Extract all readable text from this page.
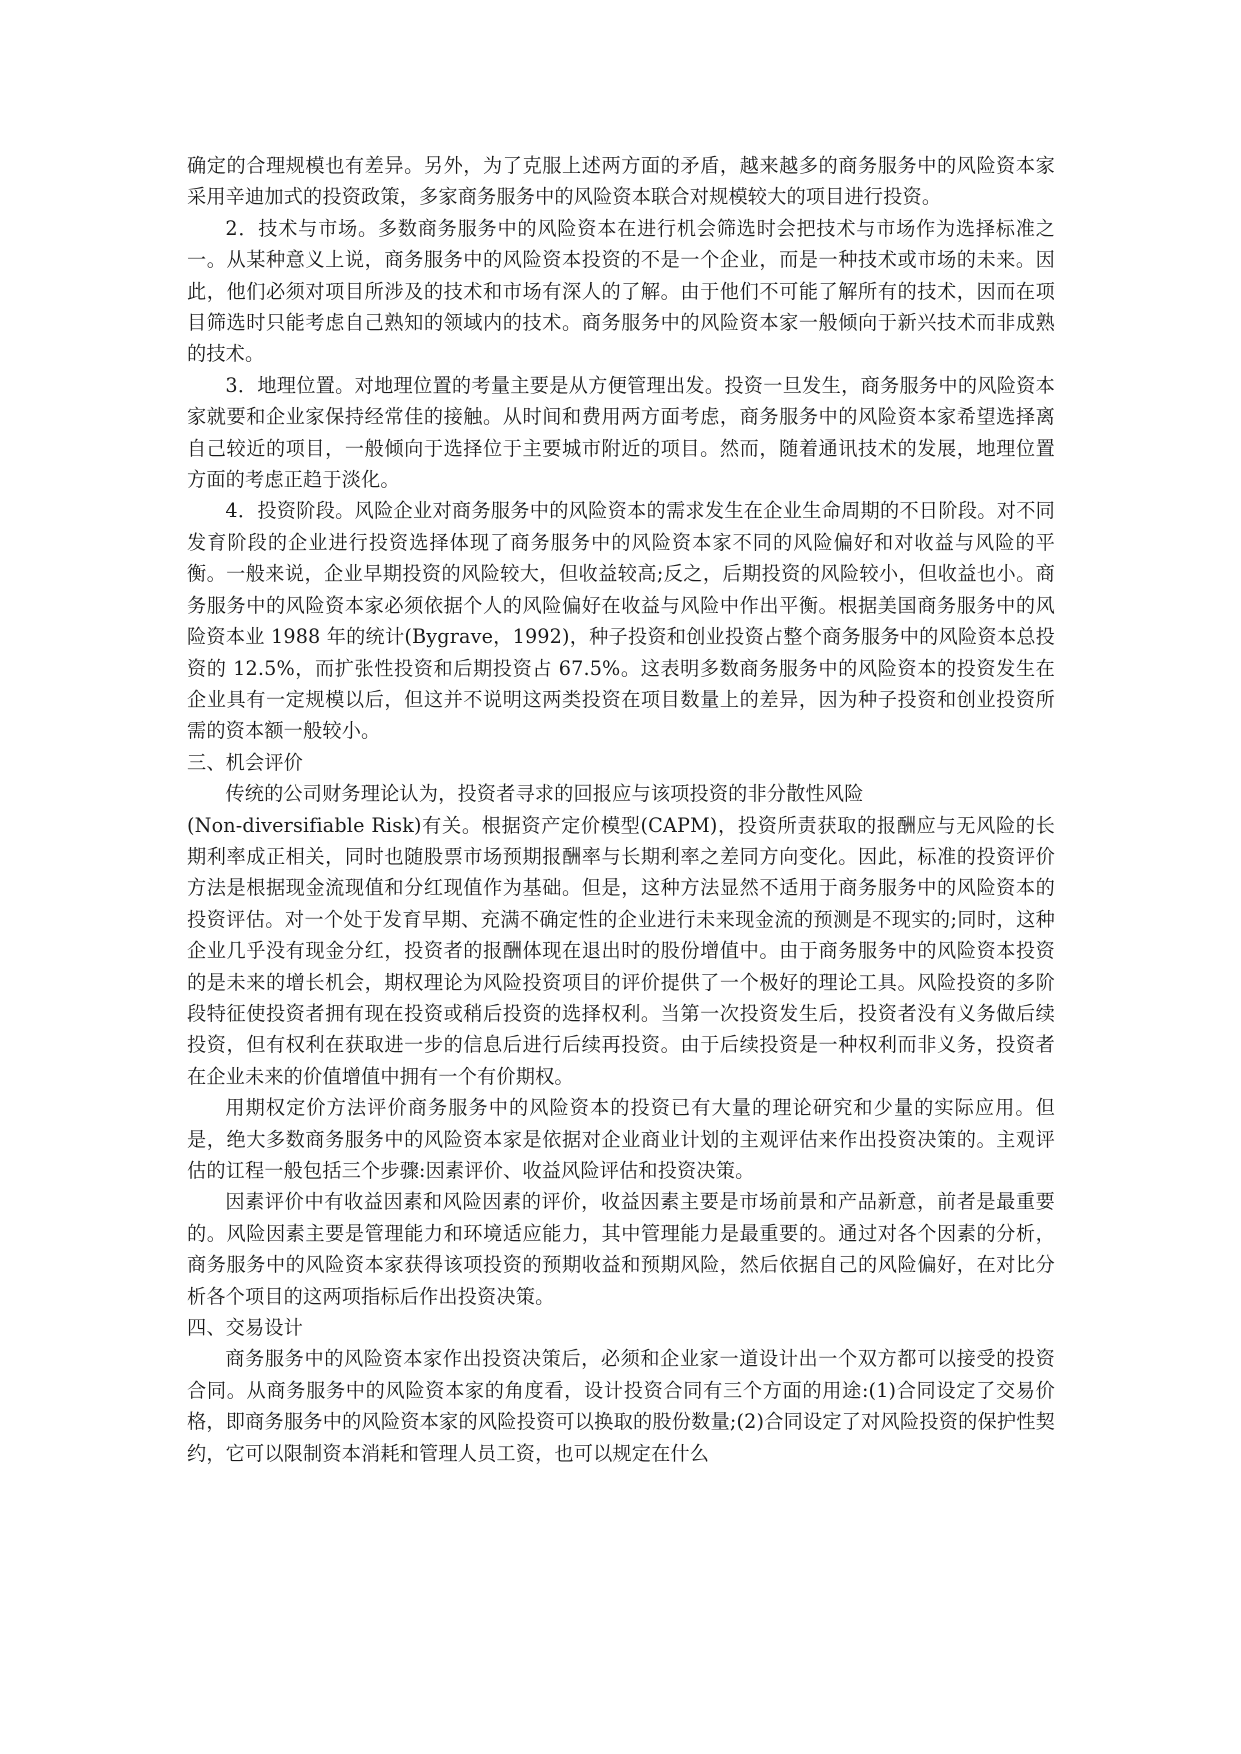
确定的合理规模也有差异。另外，为了克服上述两方面的矛盾，越来越多的商务服务中的风险资本家采用辛迪加式的投资政策，多家商务服务中的风险资本联合对规模较大的项目进行投资。

2．技术与市场。多数商务服务中的风险资本在进行机会筛选时会把技术与市场作为选择标准之一。从某种意义上说，商务服务中的风险资本投资的不是一个企业，而是一种技术或市场的未来。因此，他们必须对项目所涉及的技术和市场有深人的了解。由于他们不可能了解所有的技术，因而在项目筛选时只能考虑自己熟知的领域内的技术。商务服务中的风险资本家一般倾向于新兴技术而非成熟的技术。

3．地理位置。对地理位置的考量主要是从方便管理出发。投资一旦发生，商务服务中的风险资本家就要和企业家保持经常佳的接触。从时间和费用两方面考虑，商务服务中的风险资本家希望选择离自己较近的项目，一般倾向于选择位于主要城市附近的项目。然而，随着通讯技术的发展，地理位置方面的考虑正趋于淡化。

4．投资阶段。风险企业对商务服务中的风险资本的需求发生在企业生命周期的不日阶段。对不同发育阶段的企业进行投资选择体现了商务服务中的风险资本家不同的风险偏好和对收益与风险的平衡。一般来说，企业早期投资的风险较大，但收益较高;反之，后期投资的风险较小，但收益也小。商务服务中的风险资本家必须依据个人的风险偏好在收益与风险中作出平衡。根据美国商务服务中的风险资本业 1988 年的统计(Bygrave，1992)，种子投资和创业投资占整个商务服务中的风险资本总投资的 12.5%，而扩张性投资和后期投资占 67.5%。这表明多数商务服务中的风险资本的投资发生在企业具有一定规模以后，但这并不说明这两类投资在项目数量上的差异，因为种子投资和创业投资所需的资本额一般较小。

三、机会评价

传统的公司财务理论认为，投资者寻求的回报应与该项投资的非分散性风险

(Non-diversifiable Risk)有关。根据资产定价模型(CAPM)，投资所责获取的报酬应与无风险的长期利率成正相关，同时也随股票市场预期报酬率与长期利率之差同方向变化。因此，标准的投资评价方法是根据现金流现值和分红现值作为基础。但是，这种方法显然不适用于商务服务中的风险资本的投资评估。对一个处于发育早期、充满不确定性的企业进行未来现金流的预测是不现实的;同时，这种企业几乎没有现金分红，投资者的报酬体现在退出时的股份增值中。由于商务服务中的风险资本投资的是未来的增长机会，期权理论为风险投资项目的评价提供了一个极好的理论工具。风险投资的多阶段特征使投资者拥有现在投资或稍后投资的选择权利。当第一次投资发生后，投资者没有义务做后续投资，但有权利在获取进一步的信息后进行后续再投资。由于后续投资是一种权利而非义务，投资者在企业未来的价值增值中拥有一个有价期权。

用期权定价方法评价商务服务中的风险资本的投资已有大量的理论研究和少量的实际应用。但是，绝大多数商务服务中的风险资本家是依据对企业商业计划的主观评估来作出投资决策的。主观评估的讧程一般包括三个步骤:因素评价、收益风险评估和投资决策。

因素评价中有收益因素和风险因素的评价，收益因素主要是市场前景和产品新意，前者是最重要的。风险因素主要是管理能力和环境适应能力，其中管理能力是最重要的。通过对各个因素的分析，商务服务中的风险资本家获得该项投资的预期收益和预期风险，然后依据自己的风险偏好，在对比分析各个项目的这两项指标后作出投资决策。

四、交易设计

商务服务中的风险资本家作出投资决策后，必须和企业家一道设计出一个双方都可以接受的投资合同。从商务服务中的风险资本家的角度看，设计投资合同有三个方面的用途:(1)合同设定了交易价格，即商务服务中的风险资本家的风险投资可以换取的股份数量;(2)合同设定了对风险投资的保护性契约，它可以限制资本消耗和管理人员工资，也可以规定在什么
